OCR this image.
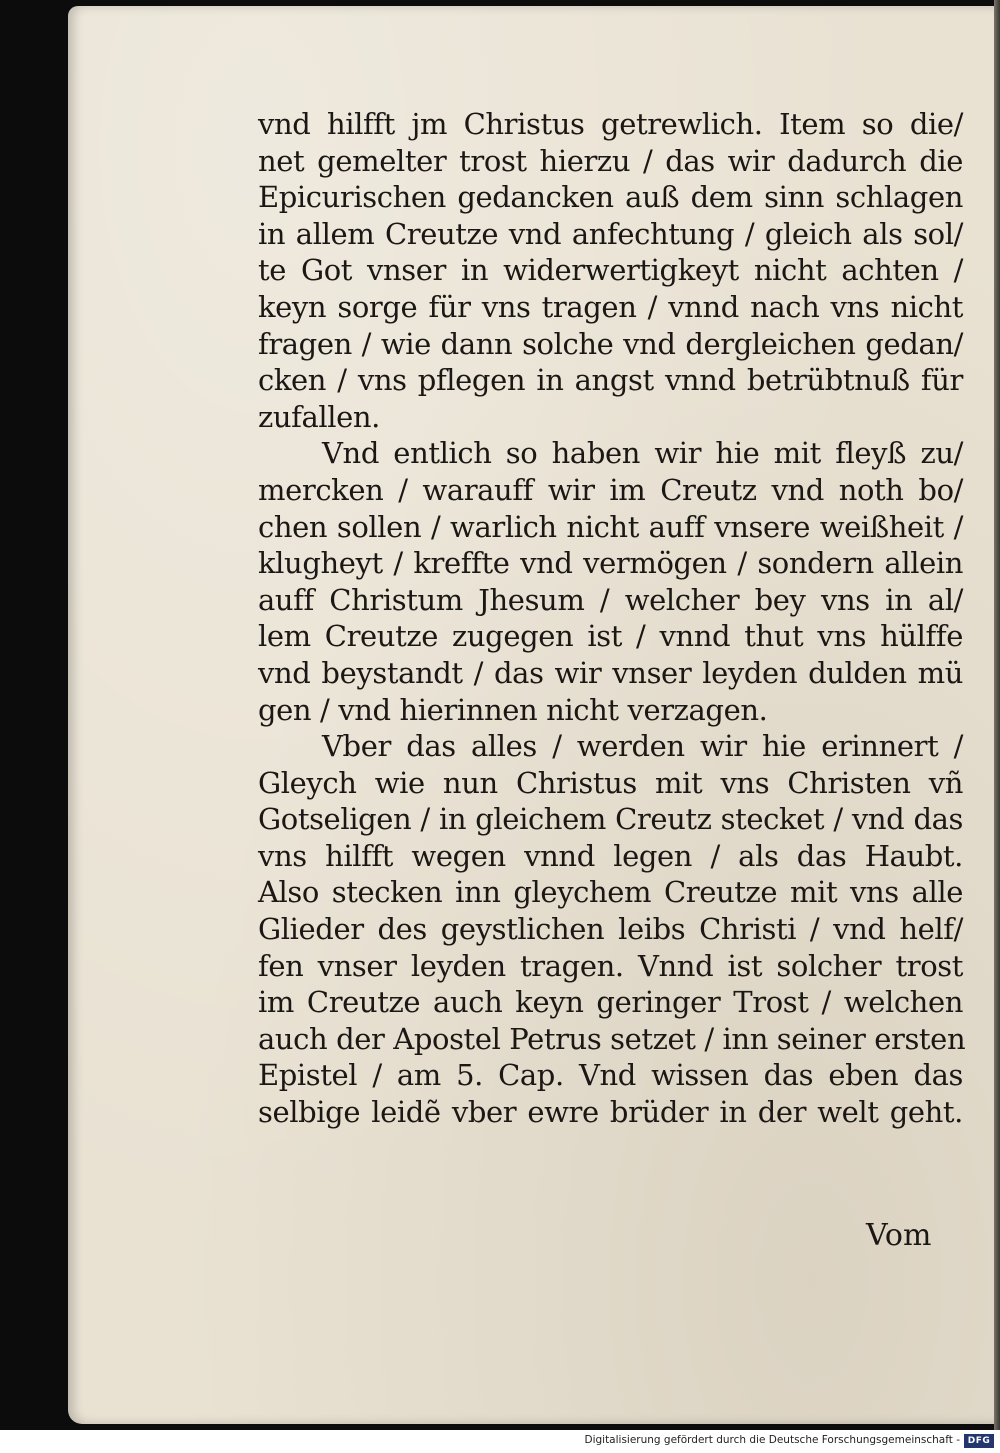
vnd hilfft jm Christus getrewlich. Item so die/
net gemelter trost hierzu / das wir dadurch die
Epicurischen gedancken auß dem sinn schlagen
in allem Creutze vnd anfechtung / gleich als sol/
te Got vnser in widerwertigkeyt nicht achten /
keyn sorge für vns tragen / vnnd nach vns nicht
fragen / wie dann solche vnd dergleichen gedan/
cken / vns pflegen in angst vnnd betrübtnuß für
zufallen.
Vnd entlich so haben wir hie mit fleyß zu/
mercken / warauff wir im Creutz vnd noth bo/
chen sollen / warlich nicht auff vnsere weißheit /
klugheyt / kreffte vnd vermögen / sondern allein
auff Christum Jhesum / welcher bey vns in al/
lem Creutze zugegen ist / vnnd thut vns hülffe
vnd beystandt / das wir vnser leyden dulden mü
gen / vnd hierinnen nicht verzagen.
Vber das alles / werden wir hie erinnert /
Gleych wie nun Christus mit vns Christen vñ
Gotseligen / in gleichem Creutz stecket / vnd das
vns hilfft wegen vnnd legen / als das Haubt.
Also stecken inn gleychem Creutze mit vns alle
Glieder des geystlichen leibs Christi / vnd helf/
fen vnser leyden tragen. Vnnd ist solcher trost
im Creutze auch keyn geringer Trost / welchen
auch der Apostel Petrus setzet / inn seiner ersten
Epistel / am 5. Cap. Vnd wissen das eben das
selbige leidẽ vber ewre brüder in der welt geht.
Vom
Digitalisierung gefördert durch die Deutsche Forschungsgemeinschaft - DFG
